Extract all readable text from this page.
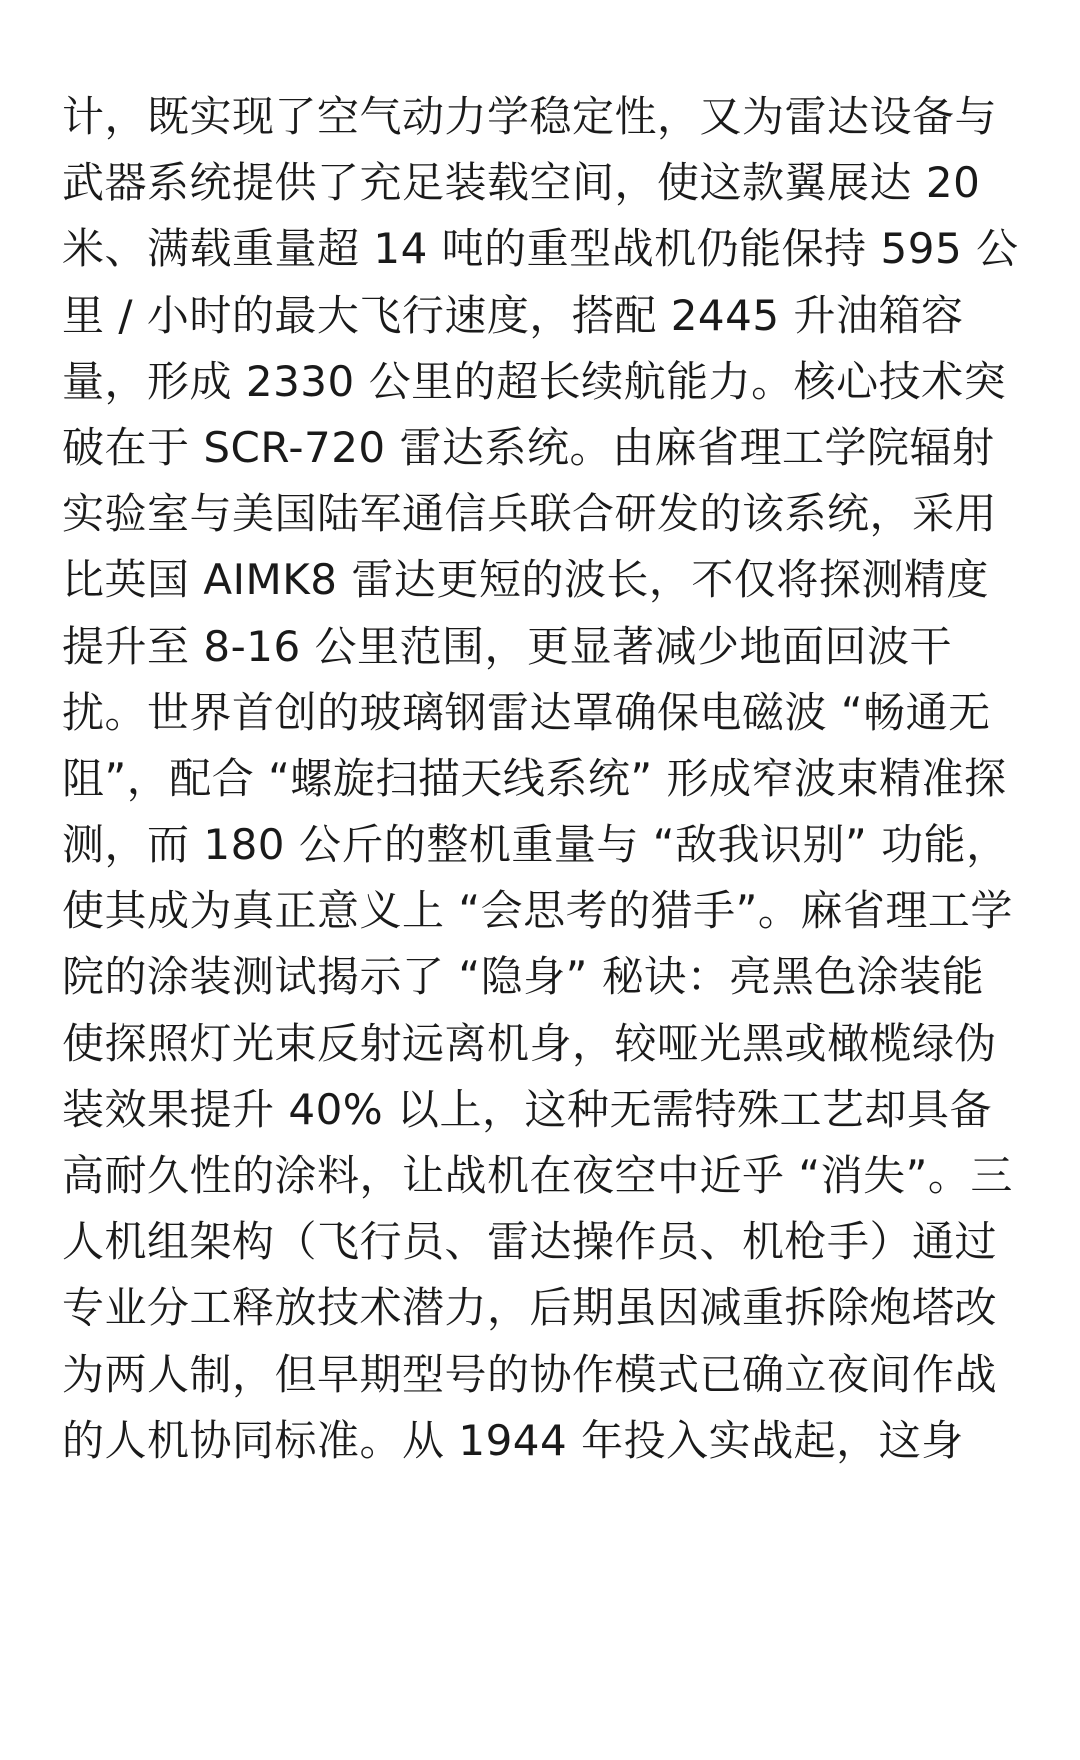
计，既实现了空气动力学稳定性，又为雷达设备与
武器系统提供了充足装载空间，使这款翼展达 20
米、满载重量超 14 吨的重型战机仍能保持 595 公
里 / 小时的最大飞行速度，搭配 2445 升油箱容
量，形成 2330 公里的超长续航能力。核心技术突
破在于 SCR-720 雷达系统。由麻省理工学院辐射
实验室与美国陆军通信兵联合研发的该系统，采用
比英国 AIMK8 雷达更短的波长，不仅将探测精度
提升至 8-16 公里范围，更显著减少地面回波干
扰。世界首创的玻璃钢雷达罩确保电磁波 “畅通无
阻”，配合 “螺旋扫描天线系统” 形成窄波束精准探
测，而 180 公斤的整机重量与 “敌我识别” 功能，
使其成为真正意义上 “会思考的猎手”。麻省理工学
院的涂装测试揭示了 “隐身” 秘诀：亮黑色涂装能
使探照灯光束反射远离机身，较哑光黑或橄榄绿伪
装效果提升 40% 以上，这种无需特殊工艺却具备
高耐久性的涂料，让战机在夜空中近乎 “消失”。三
人机组架构（飞行员、雷达操作员、机枪手）通过
专业分工释放技术潜力，后期虽因减重拆除炮塔改
为两人制，但早期型号的协作模式已确立夜间作战
的人机协同标准。从 1944 年投入实战起，这身
